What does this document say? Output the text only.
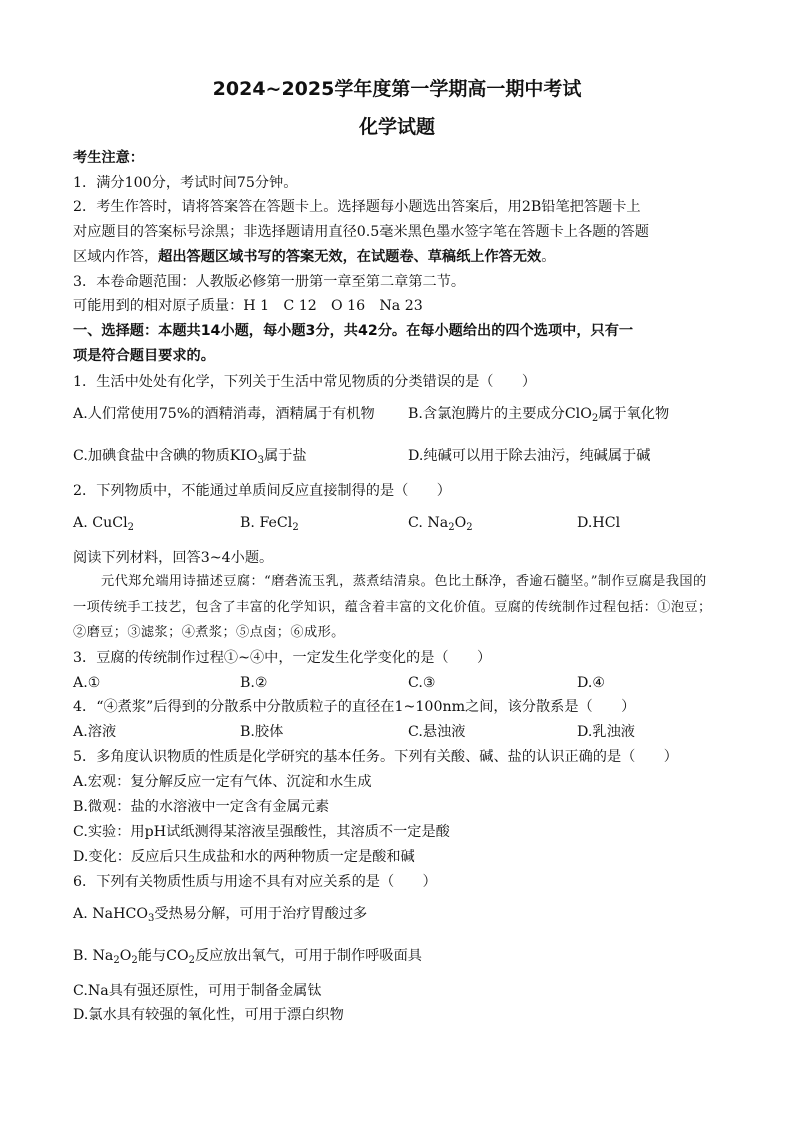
2024~2025学年度第一学期高一期中考试
化学试题
考生注意：
1．满分100分，考试时间75分钟。
2．考生作答时，请将答案答在答题卡上。选择题每小题选出答案后，用2B铅笔把答题卡上
对应题目的答案标号涂黑；非选择题请用直径0.5毫米黑色墨水签字笔在答题卡上各题的答题
区域内作答，超出答题区域书写的答案无效，在试题卷、草稿纸上作答无效。
3．本卷命题范围：人教版必修第一册第一章至第二章第二节。
可能用到的相对原子质量：H 1　C 12　O 16　Na 23
一、选择题：本题共14小题，每小题3分，共42分。在每小题给出的四个选项中，只有一
项是符合题目要求的。
1．生活中处处有化学，下列关于生活中常见物质的分类错误的是（　　）
A.人们常使用75%的酒精消毒，酒精属于有机物 B.含氯泡腾片的主要成分ClO$_2$属于氧化物
C.加碘食盐中含碘的物质$KIO_3$属于盐	D.纯碱可以用于除去油污，纯碱属于碱
2．下列物质中，不能通过单质间反应直接制得的是（　　）
A. CuCl$_2$	B. FeCl$_2$	C. $Na_2O_2$	D.HCl
阅读下列材料，回答3~4小题。
元代郑允端用诗描述豆腐：“磨砻流玉乳，蒸煮结清泉。色比土酥净，香逾石髓坚。”制作豆腐是我国的
一项传统手工技艺，包含了丰富的化学知识，蕴含着丰富的文化价值。豆腐的传统制作过程包括：①泡豆；
②磨豆；③滤浆；④煮浆；⑤点卤；⑥成形。
3．豆腐的传统制作过程①~④中，一定发生化学变化的是（　　）
A.①	B.②	C.③	D.④
4．“④煮浆”后得到的分散系中分散质粒子的直径在1~100nm之间，该分散系是（　　）
A.溶液	B.胶体	C.悬浊液	D.乳浊液
5．多角度认识物质的性质是化学研究的基本任务。下列有关酸、碱、盐的认识正确的是（　　）
A.宏观：复分解反应一定有气体、沉淀和水生成
B.微观：盐的水溶液中一定含有金属元素
C.实验：用pH试纸测得某溶液呈强酸性，其溶质不一定是酸
D.变化：反应后只生成盐和水的两种物质一定是酸和碱
6．下列有关物质性质与用途不具有对应关系的是（　　）
A. NaHCO$_3$受热易分解，可用于治疗胃酸过多
B. $Na_2O_2$能与$CO_2$反应放出氧气，可用于制作呼吸面具
C.Na具有强还原性，可用于制备金属钛
D.氯水具有较强的氧化性，可用于漂白织物
